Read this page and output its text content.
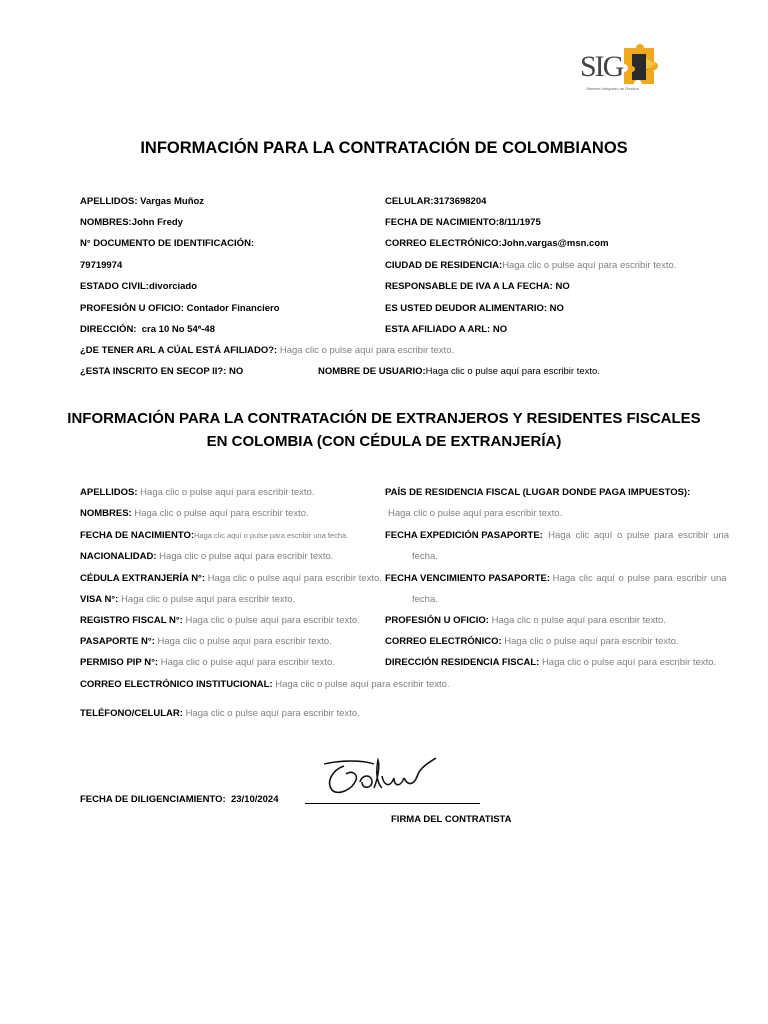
SIG
Sistema Integrado de Gestión
INFORMACIÓN PARA LA CONTRATACIÓN DE COLOMBIANOS
APELLIDOS: Vargas Muñoz
NOMBRES:John Fredy
N° DOCUMENTO DE IDENTIFICACIÓN:
79719974
ESTADO CIVIL:divorciado
PROFESIÓN U OFICIO: Contador Financiero
DIRECCIÓN: cra 10 No 54ª-48
¿DE TENER ARL A CÚAL ESTÁ AFILIADO?: Haga clic o pulse aquí para escribir texto.
¿ESTA INSCRITO EN SECOP II?: NO	NOMBRE DE USUARIO:Haga clic o pulse aquí para escribir texto.
CELULAR:3173698204
FECHA DE NACIMIENTO:8/11/1975
CORREO ELECTRÓNICO:John.vargas@msn.com
CIUDAD DE RESIDENCIA:Haga clic o pulse aquí para escribir texto.
RESPONSABLE DE IVA A LA FECHA: NO
ES USTED DEUDOR ALIMENTARIO: NO
ESTA AFILIADO A ARL: NO
INFORMACIÓN PARA LA CONTRATACIÓN DE EXTRANJEROS Y RESIDENTES FISCALES
EN COLOMBIA (CON CÉDULA DE EXTRANJERÍA)
APELLIDOS: Haga clic o pulse aquí para escribir texto.
NOMBRES: Haga clic o pulse aquí para escribir texto.
FECHA DE NACIMIENTO:Haga clic aquí o pulse para escribir una fecha.
NACIONALIDAD: Haga clic o pulse aquí para escribir texto.
CÉDULA EXTRANJERÍA N°: Haga clic o pulse aquí para escribir texto.
VISA N°: Haga clic o pulse aquí para escribir texto.
REGISTRO FISCAL N°: Haga clic o pulse aquí para escribir texto.
PASAPORTE N°: Haga clic o pulse aquí para escribir texto.
PERMISO PIP N°: Haga clic o pulse aquí para escribir texto.
CORREO ELECTRÓNICO INSTITUCIONAL: Haga clic o pulse aquí para escribir texto.
TELÉFONO/CELULAR: Haga clic o pulse aquí para escribir texto.
PAÍS DE RESIDENCIA FISCAL (LUGAR DONDE PAGA IMPUESTOS):
Haga clic o pulse aquí para escribir texto.
FECHA EXPEDICIÓN PASAPORTE: Haga clic aquí o pulse para escribir una
fecha.
FECHA VENCIMIENTO PASAPORTE: Haga clic aquí o pulse para escribir una
fecha.
PROFESIÓN U OFICIO: Haga clic o pulse aquí para escribir texto.
CORREO ELECTRÓNICO: Haga clic o pulse aquí para escribir texto.
DIRECCIÓN RESIDENCIA FISCAL: Haga clic o pulse aquí para escribir texto.
FECHA DE DILIGENCIAMIENTO: 23/10/2024
FIRMA DEL CONTRATISTA
